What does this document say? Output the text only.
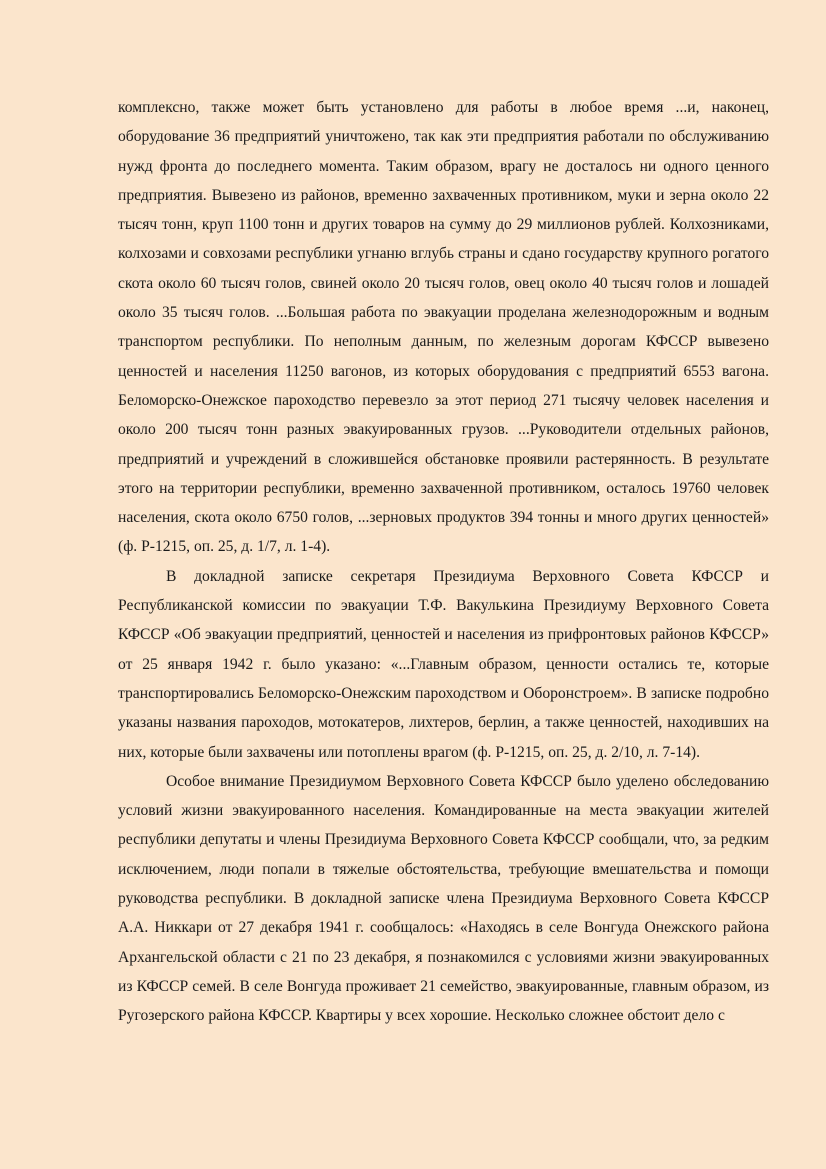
комплексно, также может быть установлено для работы в любое время ...и, наконец, оборудование 36 предприятий уничтожено, так как эти предприятия работали по обслуживанию нужд фронта до последнего момента. Таким образом, врагу не досталось ни одного ценного предприятия. Вывезено из районов, временно захваченных противником, муки и зерна около 22 тысяч тонн, круп 1100 тонн и других товаров на сумму до 29 миллионов рублей. Колхозниками, колхозами и совхозами республики угнаню вглубь страны и сдано государству крупного рогатого скота около 60 тысяч голов, свиней около 20 тысяч голов, овец около 40 тысяч голов и лошадей около 35 тысяч голов. ...Большая работа по эвакуации проделана железнодорожным и водным транспортом республики. По неполным данным, по железным дорогам КФССР вывезено ценностей и населения 11250 вагонов, из которых оборудования с предприятий 6553 вагона. Беломорско-Онежское пароходство перевезло за этот период 271 тысячу человек населения и около 200 тысяч тонн разных эвакуированных грузов. ...Руководители отдельных районов, предприятий и учреждений в сложившейся обстановке проявили растерянность. В результате этого на территории республики, временно захваченной противником, осталось 19760 человек населения, скота около 6750 голов, ...зерновых продуктов 394 тонны и много других ценностей» (ф. Р-1215, оп. 25, д. 1/7, л. 1-4).

В докладной записке секретаря Президиума Верховного Совета КФССР и Республиканской комиссии по эвакуации Т.Ф. Вакулькина Президиуму Верховного Совета КФССР «Об эвакуации предприятий, ценностей и населения из прифронтовых районов КФССР» от 25 января 1942 г. было указано: «...Главным образом, ценности остались те, которые транспортировались Беломорско-Онежским пароходством и Оборонстроем». В записке подробно указаны названия пароходов, мотокатеров, лихтеров, берлин, а также ценностей, находивших на них, которые были захвачены или потоплены врагом (ф. Р-1215, оп. 25, д. 2/10, л. 7-14).

Особое внимание Президиумом Верховного Совета КФССР было уделено обследованию условий жизни эвакуированного населения. Командированные на места эвакуации жителей республики депутаты и члены Президиума Верховного Совета КФССР сообщали, что, за редким исключением, люди попали в тяжелые обстоятельства, требующие вмешательства и помощи руководства республики. В докладной записке члена Президиума Верховного Совета КФССР А.А. Никкари от 27 декабря 1941 г. сообщалось: «Находясь в селе Вонгуда Онежского района Архангельской области с 21 по 23 декабря, я познакомился с условиями жизни эвакуированных из КФССР семей. В селе Вонгуда проживает 21 семейство, эвакуированные, главным образом, из Ругозерского района КФССР. Квартиры у всех хорошие. Несколько сложнее обстоит дело с
